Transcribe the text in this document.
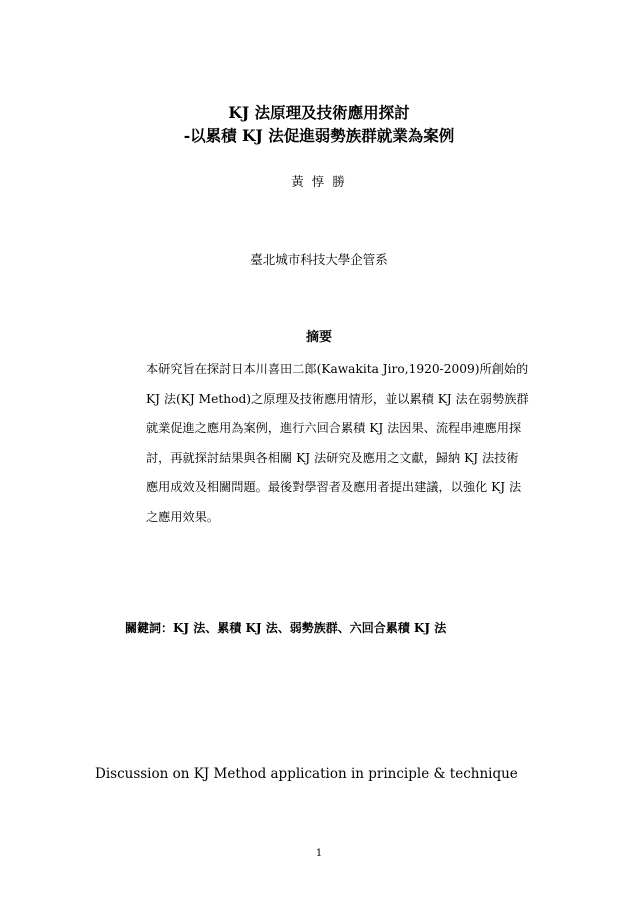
KJ 法原理及技術應用探討
-以累積 KJ 法促進弱勢族群就業為案例
黃 惇 勝
臺北城市科技大學企管系
摘要
本研究旨在探討日本川喜田二郎(Kawakita Jiro,1920-2009)所創始的
KJ 法(KJ Method)之原理及技術應用情形，並以累積 KJ 法在弱勢族群
就業促進之應用為案例，進行六回合累積 KJ 法因果、流程串連應用探
討，再就探討結果與各相關 KJ 法研究及應用之文獻，歸納 KJ 法技術
應用成效及相關問題。最後對學習者及應用者提出建議，以強化 KJ 法
之應用效果。
關鍵詞：KJ 法、累積 KJ 法、弱勢族群、六回合累積 KJ 法
Discussion on KJ Method application in principle & technique
1
